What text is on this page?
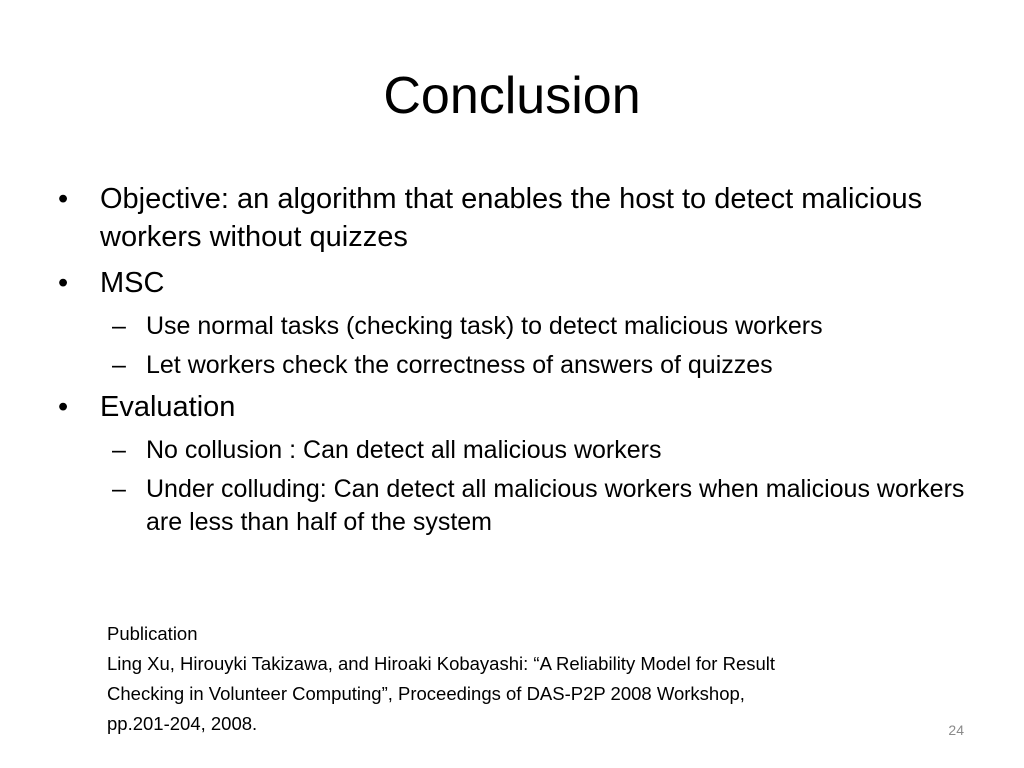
Conclusion
•	Objective: an algorithm that enables the host to detect malicious workers without quizzes
•	MSC
– Use normal tasks (checking task) to detect malicious workers
– Let workers check the correctness of answers of quizzes
•	Evaluation
– No collusion : Can detect all malicious workers
– Under colluding: Can detect all malicious workers when malicious workers are less than half of the system
Publication
Ling Xu, Hirouyki Takizawa, and Hiroaki Kobayashi: “A Reliability Model for Result
Checking in Volunteer Computing”, Proceedings of DAS-P2P 2008 Workshop,
pp.201-204, 2008.	24
